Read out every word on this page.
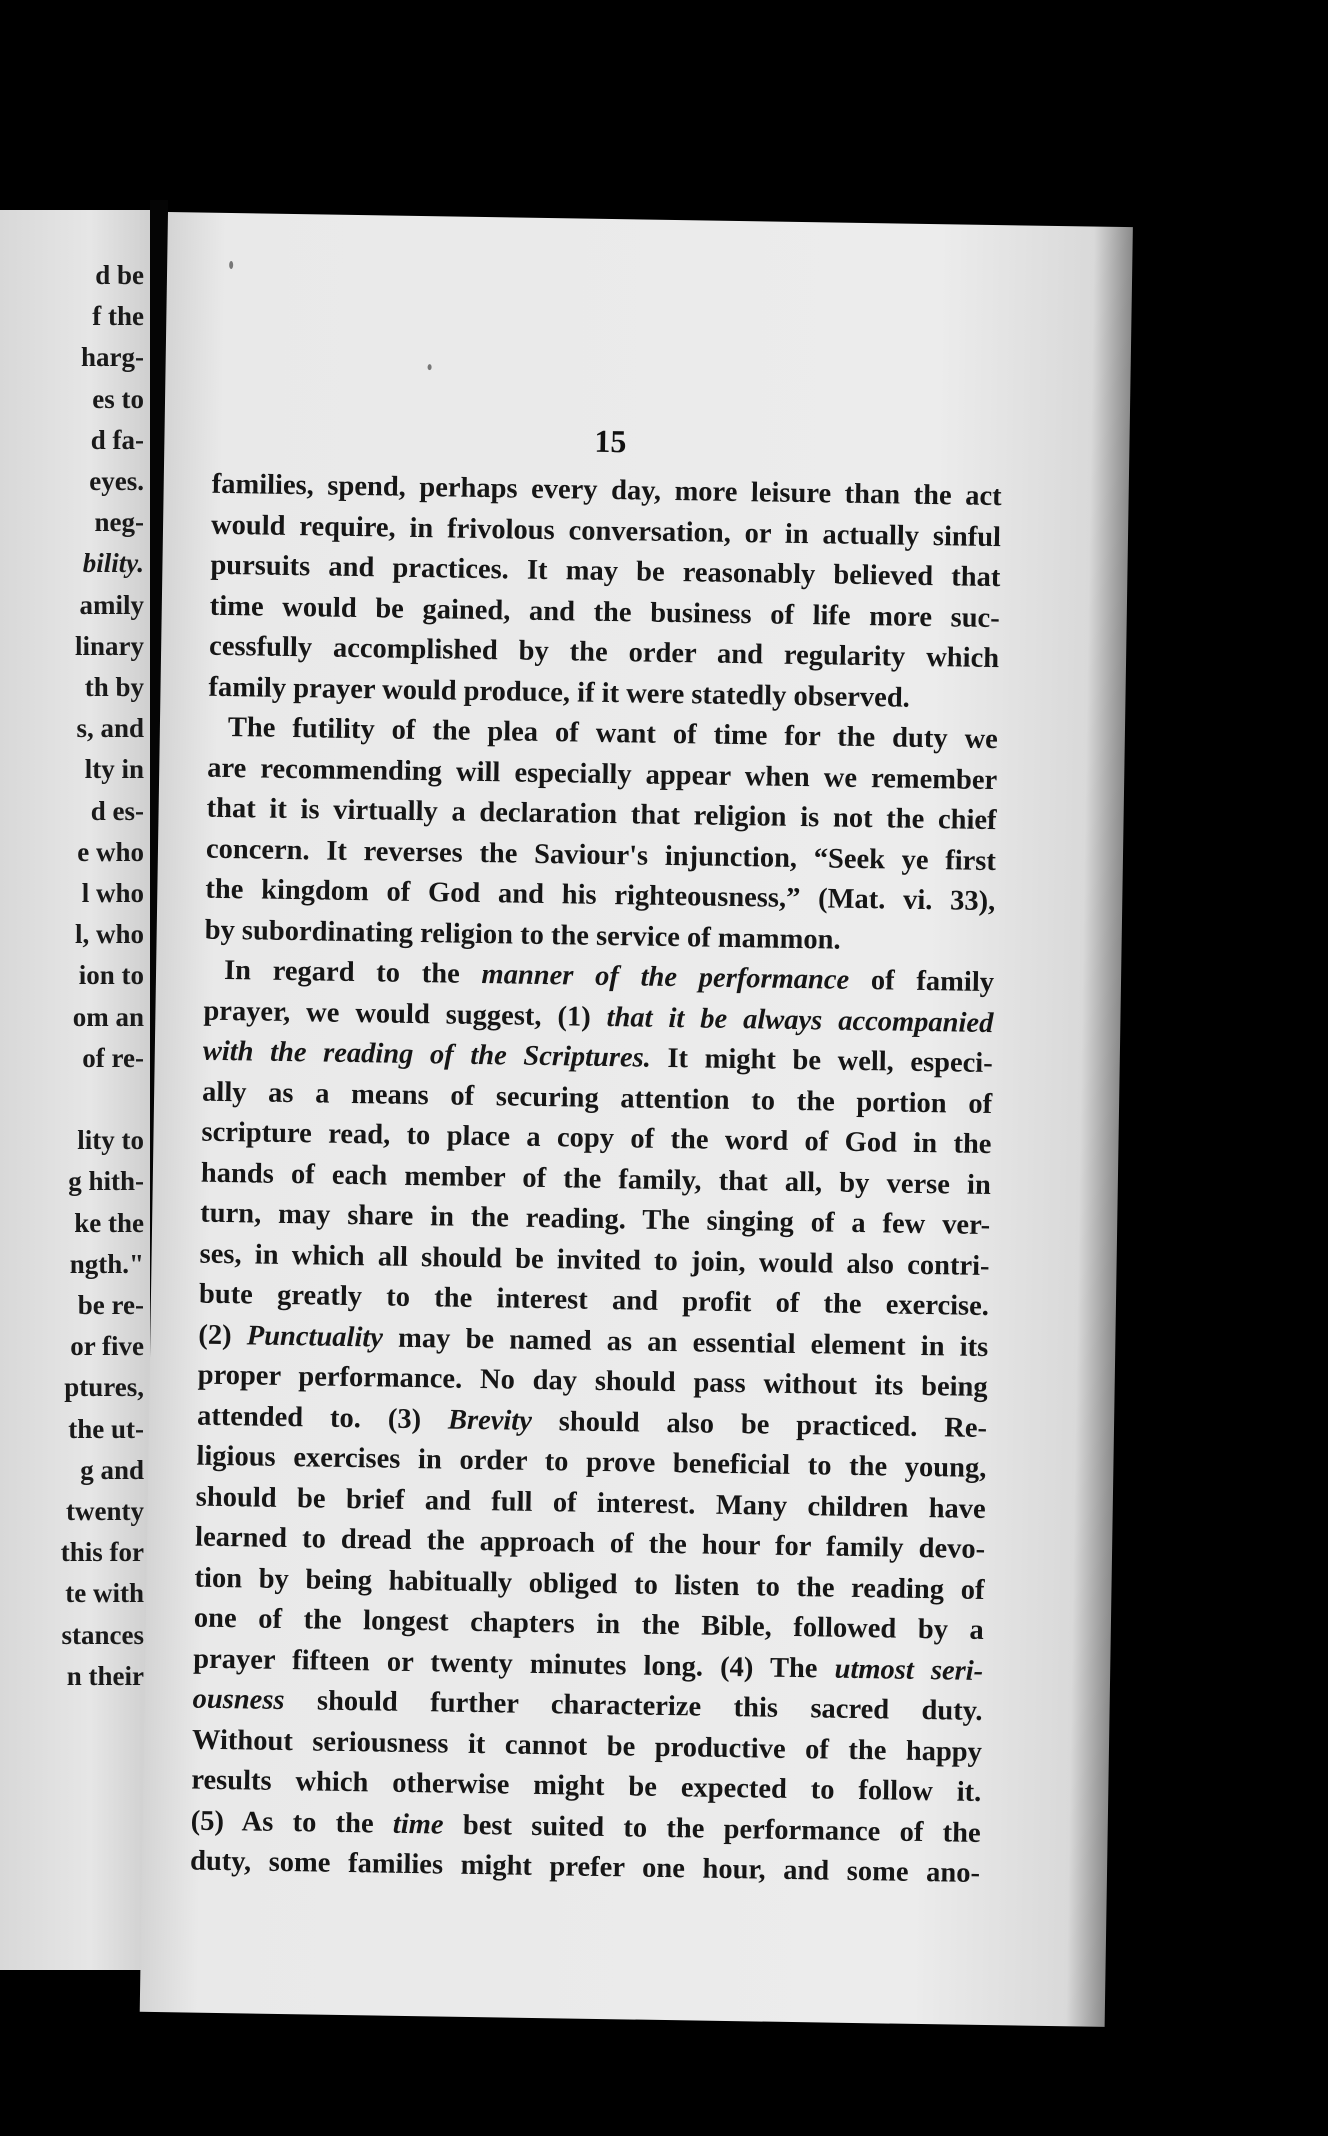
d be
f the
harg-
es to
d fa-
eyes.
neg-
bility.
amily
linary
th by
s, and
lty in
d es-
e who
l who
l, who
ion to
om an
of re-
lity to
g hith-
ke the
ngth."
be re-
or five
ptures,
the ut-
g and
twenty
this for
te with
stances
n their
15
families, spend, perhaps every day, more leisure than the act
would require, in frivolous conversation, or in actually sinful
pursuits and practices. It may be reasonably believed that
time would be gained, and the business of life more suc-
cessfully accomplished by the order and regularity which
family prayer would produce, if it were statedly observed.
The futility of the plea of want of time for the duty we
are recommending will especially appear when we remember
that it is virtually a declaration that religion is not the chief
concern. It reverses the Saviour's injunction, “Seek ye first
the kingdom of God and his righteousness,” (Mat. vi. 33),
by subordinating religion to the service of mammon.
In regard to the manner of the performance of family
prayer, we would suggest, (1) that it be always accompanied
with the reading of the Scriptures. It might be well, especi-
ally as a means of securing attention to the portion of
scripture read, to place a copy of the word of God in the
hands of each member of the family, that all, by verse in
turn, may share in the reading. The singing of a few ver-
ses, in which all should be invited to join, would also contri-
bute greatly to the interest and profit of the exercise.
(2) Punctuality may be named as an essential element in its
proper performance. No day should pass without its being
attended to. (3) Brevity should also be practiced. Re-
ligious exercises in order to prove beneficial to the young,
should be brief and full of interest. Many children have
learned to dread the approach of the hour for family devo-
tion by being habitually obliged to listen to the reading of
one of the longest chapters in the Bible, followed by a
prayer fifteen or twenty minutes long. (4) The utmost seri-
ousness should further characterize this sacred duty.
Without seriousness it cannot be productive of the happy
results which otherwise might be expected to follow it.
(5) As to the time best suited to the performance of the
duty, some families might prefer one hour, and some ano-
